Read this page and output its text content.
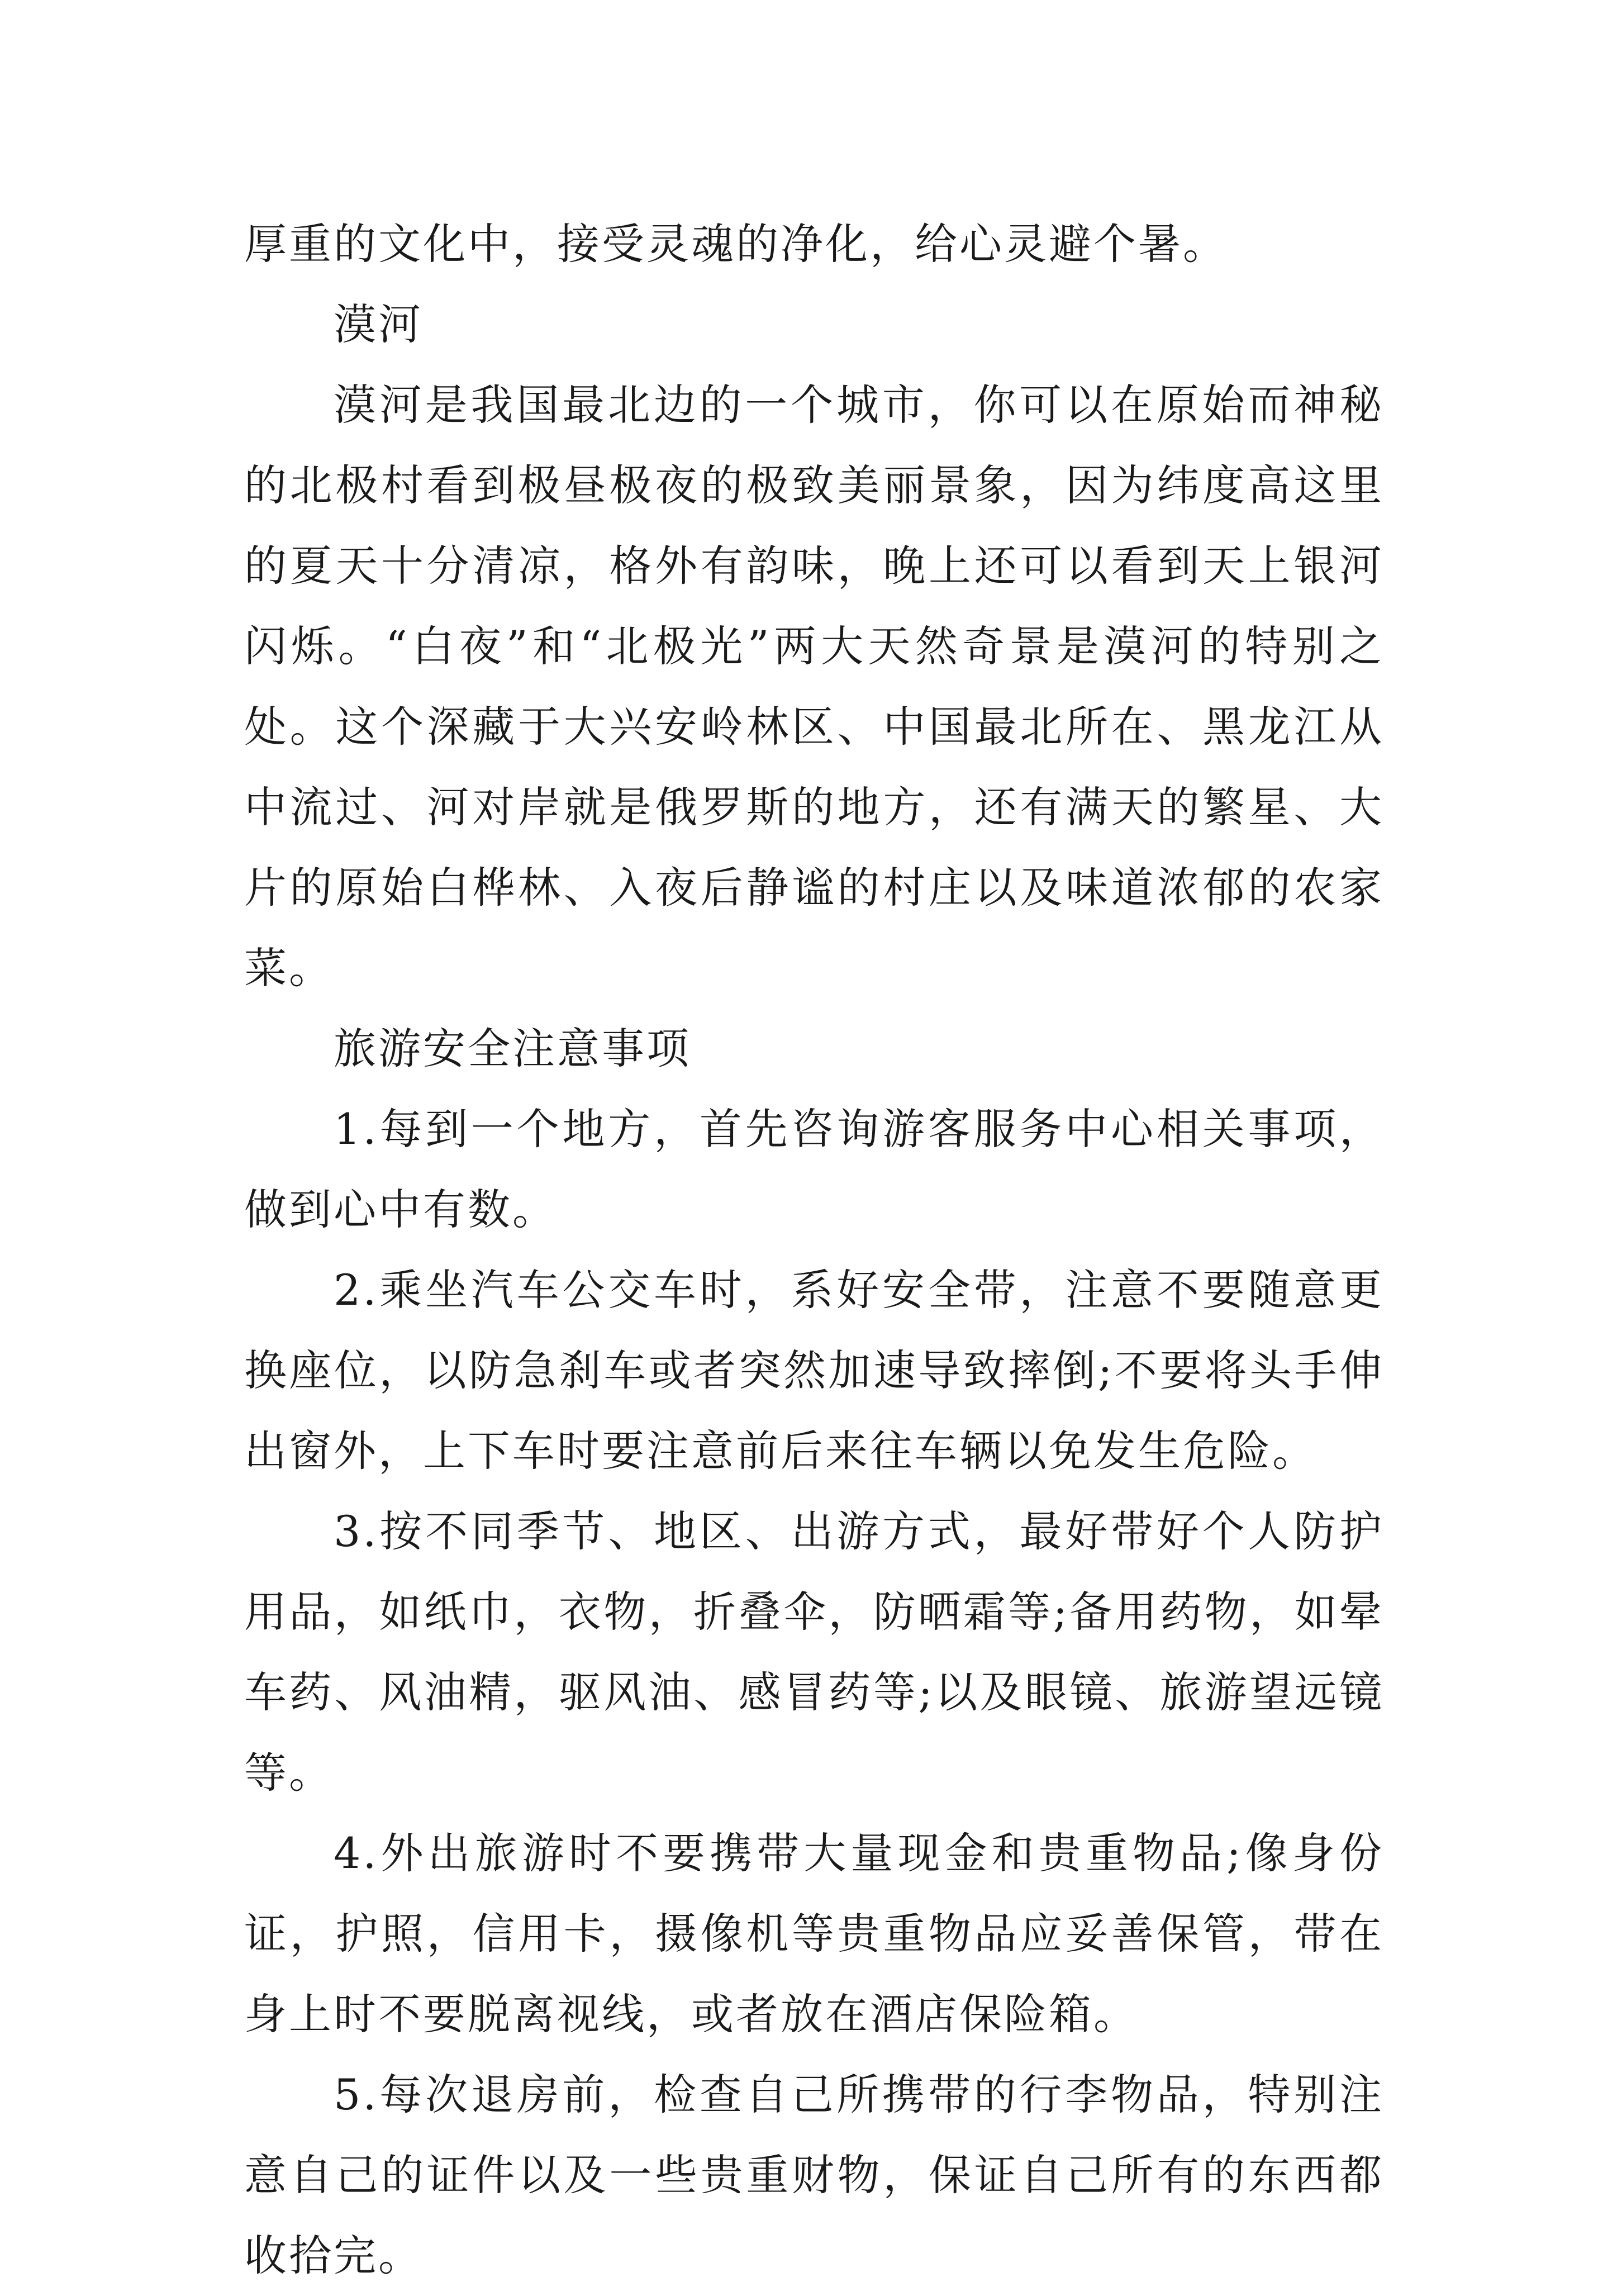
厚重的文化中，接受灵魂的净化，给心灵避个暑。

漠河

漠河是我国最北边的一个城市，你可以在原始而神秘的北极村看到极昼极夜的极致美丽景象，因为纬度高这里的夏天十分清凉，格外有韵味，晚上还可以看到天上银河闪烁。“白夜”和“北极光”两大天然奇景是漠河的特别之处。这个深藏于大兴安岭林区、中国最北所在、黑龙江从中流过、河对岸就是俄罗斯的地方，还有满天的繁星、大片的原始白桦林、入夜后静谧的村庄以及味道浓郁的农家菜。

旅游安全注意事项

1.每到一个地方，首先咨询游客服务中心相关事项，做到心中有数。

2.乘坐汽车公交车时，系好安全带，注意不要随意更换座位，以防急刹车或者突然加速导致摔倒;不要将头手伸出窗外，上下车时要注意前后来往车辆以免发生危险。

3.按不同季节、地区、出游方式，最好带好个人防护用品，如纸巾，衣物，折叠伞，防晒霜等;备用药物，如晕车药、风油精，驱风油、感冒药等;以及眼镜、旅游望远镜等。

4.外出旅游时不要携带大量现金和贵重物品;像身份证，护照，信用卡，摄像机等贵重物品应妥善保管，带在身上时不要脱离视线，或者放在酒店保险箱。

5.每次退房前，检查自己所携带的行李物品，特别注意自己的证件以及一些贵重财物，保证自己所有的东西都收拾完。
